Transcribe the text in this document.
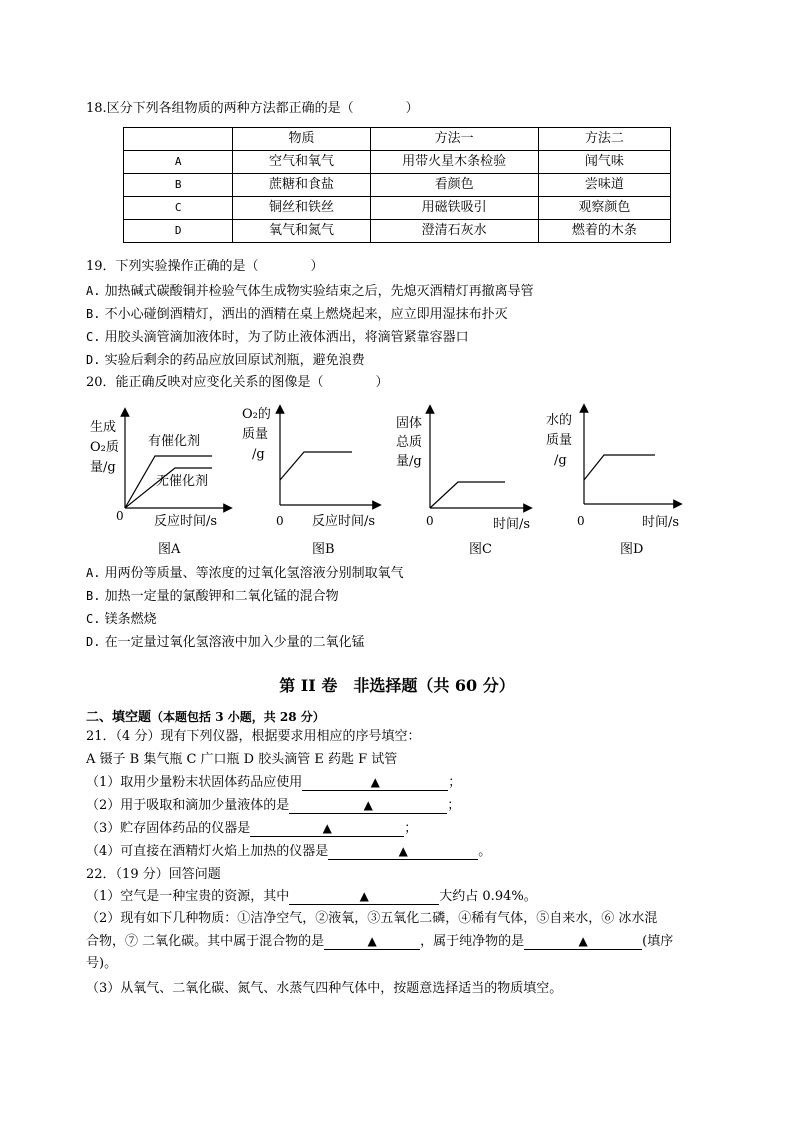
18.区分下列各组物质的两种方法都正确的是（　　　　）
	物质	方法一	方法二
A	空气和氧气	用带火星木条检验	闻气味
B	蔗糖和食盐	看颜色	尝味道
C	铜丝和铁丝	用磁铁吸引	观察颜色
D	氧气和氮气	澄清石灰水	燃着的木条
19．下列实验操作正确的是（　　　　）
A. 加热碱式碳酸铜并检验气体生成物实验结束之后，先熄灭酒精灯再撤离导管
B. 不小心碰倒酒精灯，洒出的酒精在桌上燃烧起来，应立即用湿抹布扑灭
C. 用胶头滴管滴加液体时，为了防止液体洒出，将滴管紧靠容器口
D. 实验后剩余的药品应放回原试剂瓶，避免浪费
20．能正确反映对应变化关系的图像是（　　　　）
生成
O₂质
量/g
有催化剂
无催化剂
0 反应时间/s
图A
O₂的
质量
/g
0 反应时间/s
图B
固体
总质
量/g
0	时间/s
图C
水的
质量
/g
0	时间/s
图D
A. 用两份等质量、等浓度的过氧化氢溶液分别制取氧气
B. 加热一定量的氯酸钾和二氧化锰的混合物
C. 镁条燃烧
D. 在一定量过氧化氢溶液中加入少量的二氧化锰
第 II 卷　非选择题（共 60 分）
二、填空题（本题包括 3 小题，共 28 分）
21．（4 分）现有下列仪器，根据要求用相应的序号填空：
A 镊子 B 集气瓶 C 广口瓶 D 胶头滴管 E 药匙 F 试管
（1）取用少量粉末状固体药品应使用	▲	；
（2）用于吸取和滴加少量液体的是	▲	；
（3）贮存固体药品的仪器是	▲	；
（4）可直接在酒精灯火焰上加热的仪器是	▲	。
22．（19 分）回答问题
（1）空气是一种宝贵的资源，其中	▲	大约占 0.94%。
（2）现有如下几种物质：①洁净空气，②液氧，③五氧化二磷，④稀有气体，⑤自来水，⑥ 冰水混
合物，⑦ 二氧化碳。其中属于混合物的是	▲	，属于纯净物的是	▲	(填序
号)。
（3）从氧气、二氧化碳、氮气、水蒸气四种气体中，按题意选择适当的物质填空。
